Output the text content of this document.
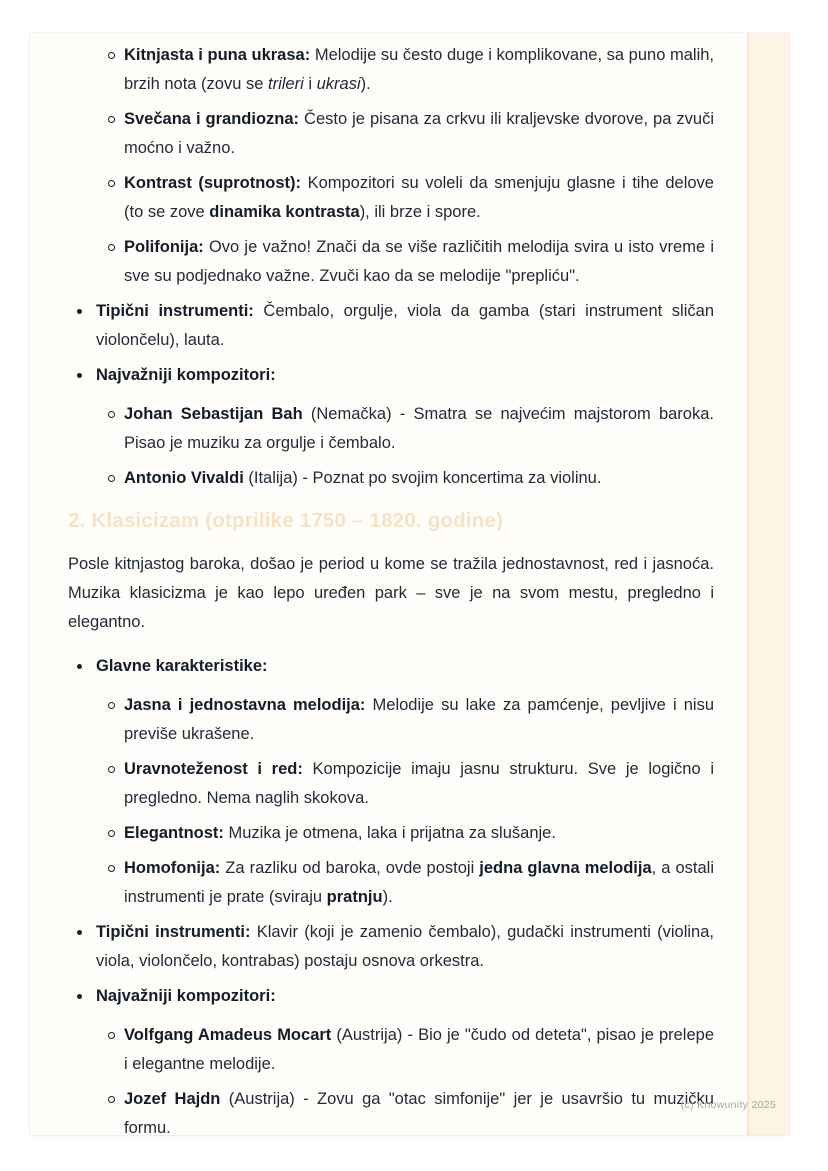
Kitnjasta i puna ukrasa: Melodije su često duge i komplikovane, sa puno malih, brzih nota (zovu se trileri i ukrasi).
Svečana i grandiozna: Često je pisana za crkvu ili kraljevske dvorove, pa zvuči moćno i važno.
Kontrast (suprotnost): Kompozitori su voleli da smenjuju glasne i tihe delove (to se zove dinamika kontrasta), ili brze i spore.
Polifonija: Ovo je važno! Znači da se više različitih melodija svira u isto vreme i sve su podjednako važne. Zvuči kao da se melodije "prepliću".
Tipični instrumenti: Čembalo, orgulje, viola da gamba (stari instrument sličan violončelu), lauta.
Najvažniji kompozitori:
Johan Sebastijan Bah (Nemačka) - Smatra se najvećim majstorom baroka. Pisao je muziku za orgulje i čembalo.
Antonio Vivaldi (Italija) - Poznat po svojim koncertima za violinu.
2. Klasicizam (otprilike 1750 – 1820. godine)

Posle kitnjastog baroka, došao je period u kome se tražila jednostavnost, red i jasnoća. Muzika klasicizma je kao lepo uređen park – sve je na svom mestu, pregledno i elegantno.

Glavne karakteristike:
Jasna i jednostavna melodija: Melodije su lake za pamćenje, pevljive i nisu previše ukrašene.
Uravnoteženost i red: Kompozicije imaju jasnu strukturu. Sve je logično i pregledno. Nema naglih skokova.
Elegantnost: Muzika je otmena, laka i prijatna za slušanje.
Homofonija: Za razliku od baroka, ovde postoji jedna glavna melodija, a ostali instrumenti je prate (sviraju pratnju).
Tipični instrumenti: Klavir (koji je zamenio čembalo), gudački instrumenti (violina, viola, violončelo, kontrabas) postaju osnova orkestra.
Najvažniji kompozitori:
Volfgang Amadeus Mocart (Austrija) - Bio je "čudo od deteta", pisao je prelepe i elegantne melodije.
Jozef Hajdn (Austrija) - Zovu ga "otac simfonije" jer je usavršio tu muzičku formu.
(c) Knowunity 2025
